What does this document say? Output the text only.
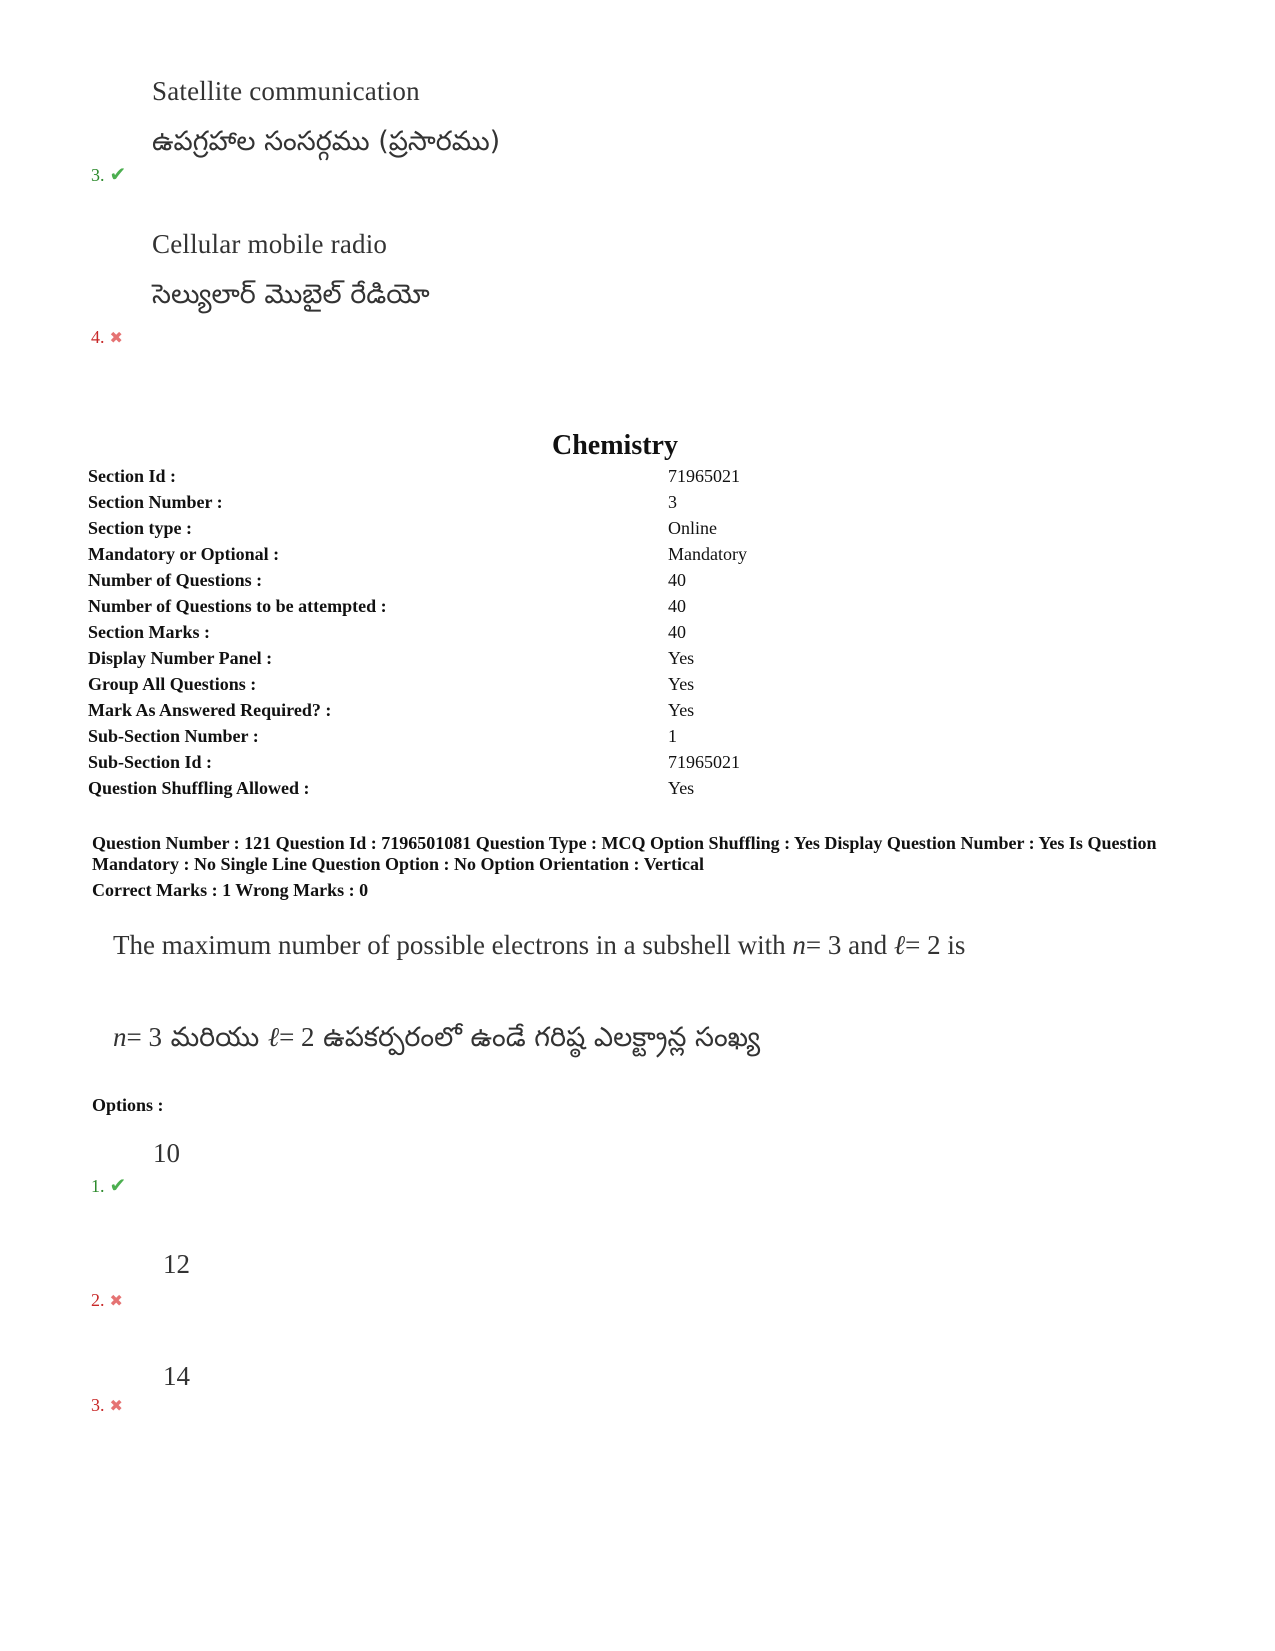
Satellite communication
ఉపగ్రహాల సంసర్గము (ప్రసారము)
3. ✔
Cellular mobile radio
సెల్యులార్ మొబైల్ రేడియో
4. ✖
Chemistry
Section Id :	71965021
Section Number :	3
Section type :	Online
Mandatory or Optional :	Mandatory
Number of Questions :	40
Number of Questions to be attempted :	40
Section Marks :	40
Display Number Panel :	Yes
Group All Questions :	Yes
Mark As Answered Required? :	Yes
Sub-Section Number :	1
Sub-Section Id :	71965021
Question Shuffling Allowed :	Yes
Question Number : 121 Question Id : 7196501081 Question Type : MCQ Option Shuffling : Yes Display Question Number : Yes Is Question Mandatory : No Single Line Question Option : No Option Orientation : Vertical
Correct Marks : 1 Wrong Marks : 0
The maximum number of possible electrons in a subshell with n= 3 and ℓ= 2 is
n= 3 మరియు ℓ= 2 ఉపకర్పరంలో ఉండే గరిష్ఠ ఎలక్ట్రాన్ల సంఖ్య
Options :
10
1. ✔
12
2. ✖
14
3. ✖
